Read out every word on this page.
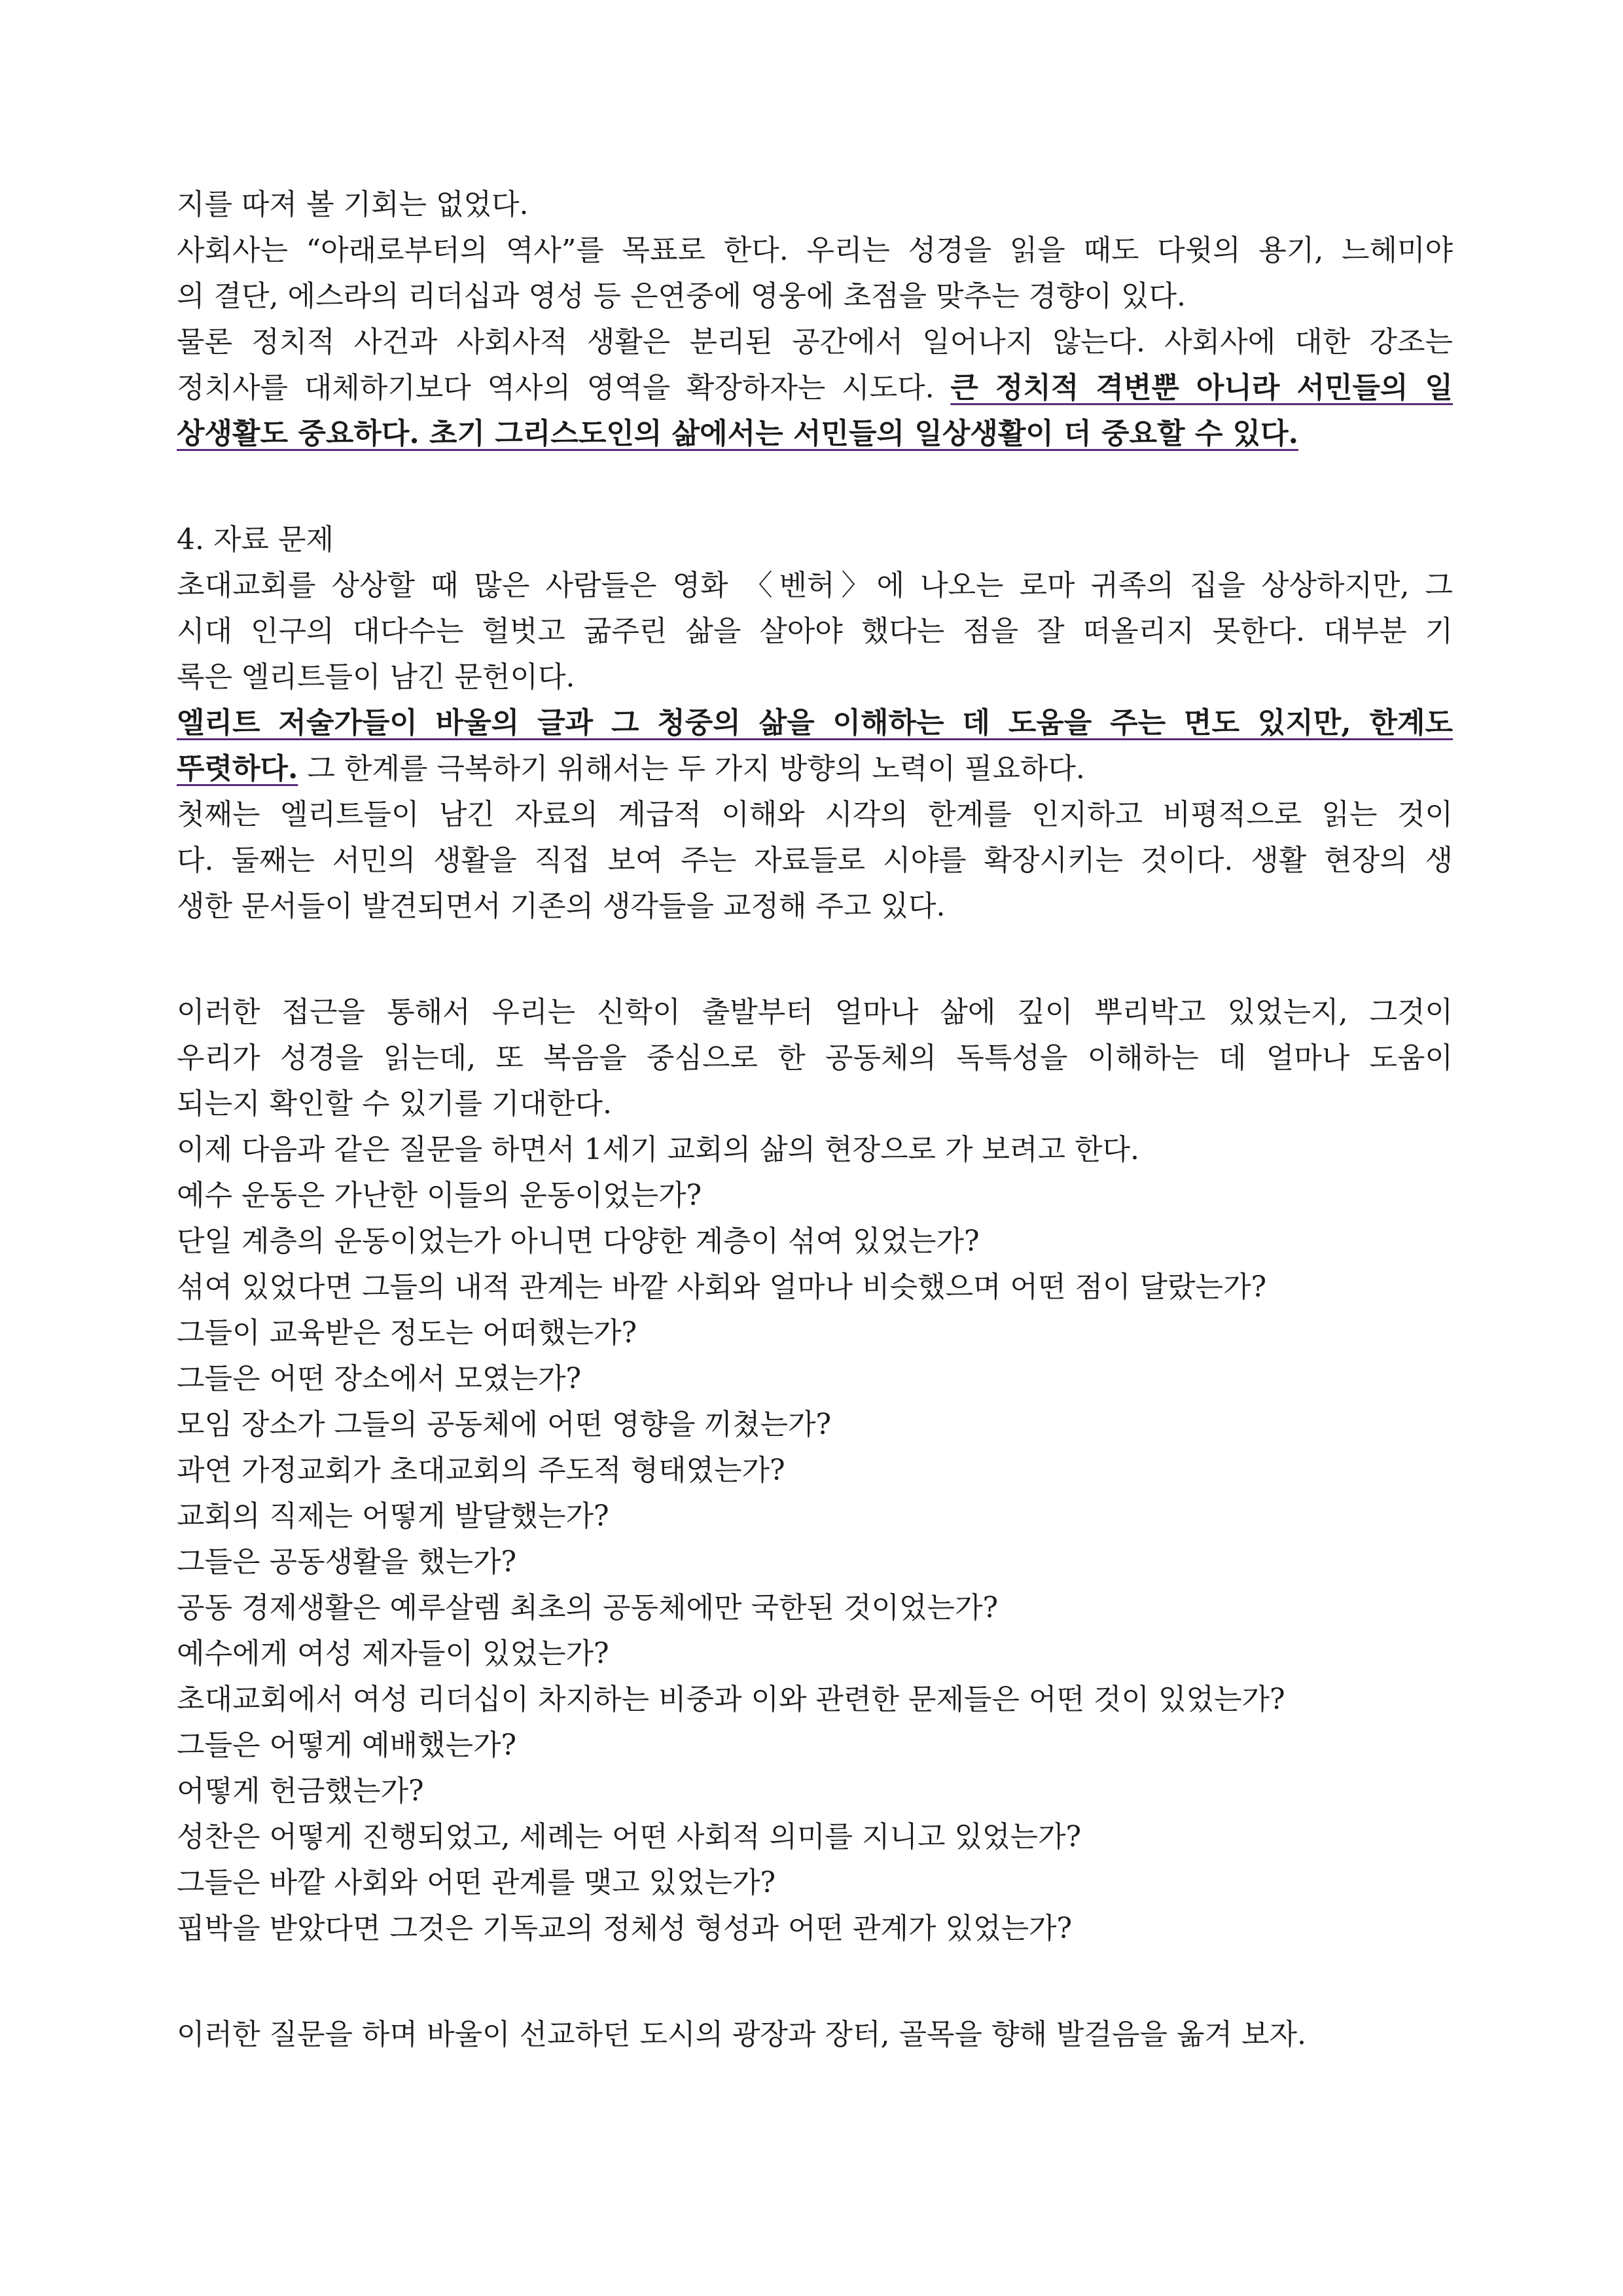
지를 따져 볼 기회는 없었다.
사회사는 “아래로부터의 역사”를 목표로 한다. 우리는 성경을 읽을 때도 다윗의 용기, 느헤미야
의 결단, 에스라의 리더십과 영성 등 은연중에 영웅에 초점을 맞추는 경향이 있다.
물론 정치적 사건과 사회사적 생활은 분리된 공간에서 일어나지 않는다. 사회사에 대한 강조는
정치사를 대체하기보다 역사의 영역을 확장하자는 시도다. 큰 정치적 격변뿐 아니라 서민들의 일
상생활도 중요하다. 초기 그리스도인의 삶에서는 서민들의 일상생활이 더 중요할 수 있다.
4. 자료 문제
초대교회를 상상할 때 많은 사람들은 영화 〈벤허〉에 나오는 로마 귀족의 집을 상상하지만, 그
시대 인구의 대다수는 헐벗고 굶주린 삶을 살아야 했다는 점을 잘 떠올리지 못한다. 대부분 기
록은 엘리트들이 남긴 문헌이다.
엘리트 저술가들이 바울의 글과 그 청중의 삶을 이해하는 데 도움을 주는 면도 있지만, 한계도
뚜렷하다. 그 한계를 극복하기 위해서는 두 가지 방향의 노력이 필요하다.
첫째는 엘리트들이 남긴 자료의 계급적 이해와 시각의 한계를 인지하고 비평적으로 읽는 것이
다. 둘째는 서민의 생활을 직접 보여 주는 자료들로 시야를 확장시키는 것이다. 생활 현장의 생
생한 문서들이 발견되면서 기존의 생각들을 교정해 주고 있다.
이러한 접근을 통해서 우리는 신학이 출발부터 얼마나 삶에 깊이 뿌리박고 있었는지, 그것이
우리가 성경을 읽는데, 또 복음을 중심으로 한 공동체의 독특성을 이해하는 데 얼마나 도움이
되는지 확인할 수 있기를 기대한다.
이제 다음과 같은 질문을 하면서 1세기 교회의 삶의 현장으로 가 보려고 한다.
예수 운동은 가난한 이들의 운동이었는가?
단일 계층의 운동이었는가 아니면 다양한 계층이 섞여 있었는가?
섞여 있었다면 그들의 내적 관계는 바깥 사회와 얼마나 비슷했으며 어떤 점이 달랐는가?
그들이 교육받은 정도는 어떠했는가?
그들은 어떤 장소에서 모였는가?
모임 장소가 그들의 공동체에 어떤 영향을 끼쳤는가?
과연 가정교회가 초대교회의 주도적 형태였는가?
교회의 직제는 어떻게 발달했는가?
그들은 공동생활을 했는가?
공동 경제생활은 예루살렘 최초의 공동체에만 국한된 것이었는가?
예수에게 여성 제자들이 있었는가?
초대교회에서 여성 리더십이 차지하는 비중과 이와 관련한 문제들은 어떤 것이 있었는가?
그들은 어떻게 예배했는가?
어떻게 헌금했는가?
성찬은 어떻게 진행되었고, 세례는 어떤 사회적 의미를 지니고 있었는가?
그들은 바깥 사회와 어떤 관계를 맺고 있었는가?
핍박을 받았다면 그것은 기독교의 정체성 형성과 어떤 관계가 있었는가?
이러한 질문을 하며 바울이 선교하던 도시의 광장과 장터, 골목을 향해 발걸음을 옮겨 보자.
